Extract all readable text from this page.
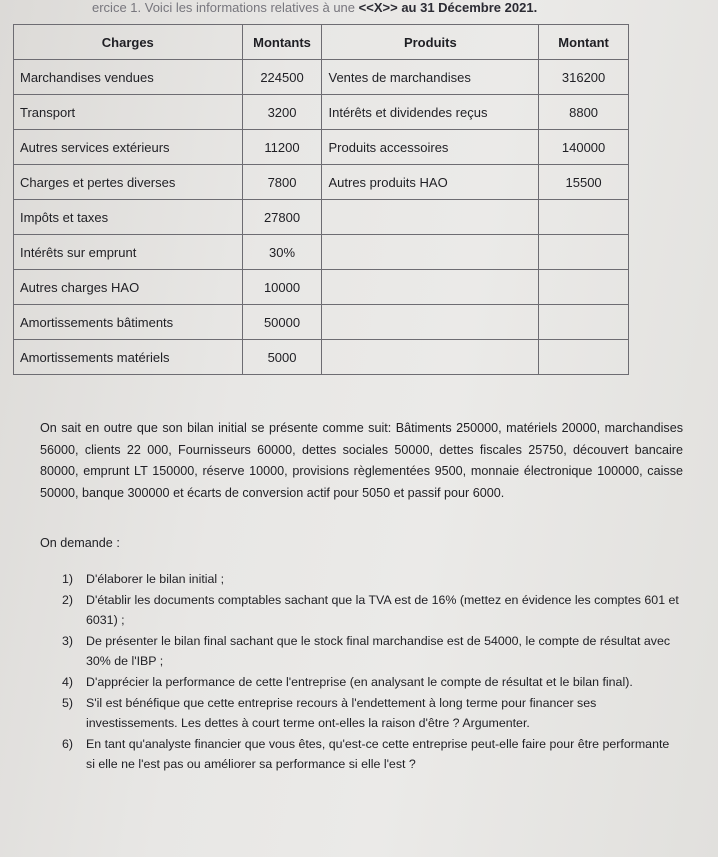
ercice 1. Voici les informations relatives à une <<X>> au 31 Décembre 2021.
Charges	Montants	Produits	Montant
Marchandises vendues	224500	Ventes de marchandises	316200
Transport	3200	Intérêts et dividendes reçus	8800
Autres services extérieurs	11200	Produits accessoires	140000
Charges et pertes diverses	7800	Autres produits HAO	15500
Impôts et taxes	27800		
Intérêts sur emprunt	30%		
Autres charges HAO	10000		
Amortissements bâtiments	50000		
Amortissements matériels	5000		
On sait en outre que son bilan initial se présente comme suit: Bâtiments 250000, matériels 20000, marchandises 56000, clients 22 000, Fournisseurs 60000, dettes sociales 50000, dettes fiscales 25750, découvert bancaire 80000, emprunt LT 150000, réserve 10000, provisions règlementées 9500, monnaie électronique 100000, caisse 50000, banque 300000 et écarts de conversion actif pour 5050 et passif pour 6000.
On demande :
1) D'élaborer le bilan initial ;
2) D'établir les documents comptables sachant que la TVA est de 16% (mettez en évidence les comptes 601 et 6031) ;
3) De présenter le bilan final sachant que le stock final marchandise est de 54000, le compte de résultat avec 30% de l'IBP ;
4) D'apprécier la performance de cette l'entreprise (en analysant le compte de résultat et le bilan final).
5) S'il est bénéfique que cette entreprise recours à l'endettement à long terme pour financer ses investissements. Les dettes à court terme ont-elles la raison d'être ? Argumenter.
6) En tant qu'analyste financier que vous êtes, qu'est-ce cette entreprise peut-elle faire pour être performante si elle ne l'est pas ou améliorer sa performance si elle l'est ?
